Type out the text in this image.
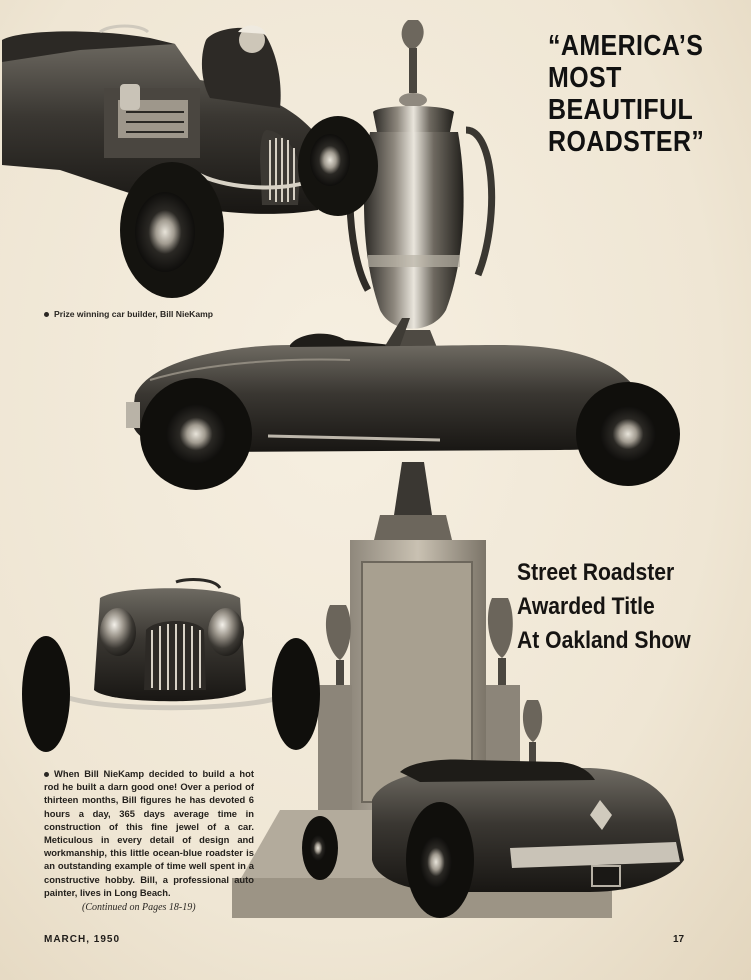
“AMERICA’S
MOST
BEAUTIFUL
ROADSTER”
Street Roadster
Awarded Title
At Oakland Show
Prize winning car builder, Bill NieKamp

When Bill NieKamp decided to build a hot rod he built a darn good one! Over a period of thirteen months, Bill figures he has devoted 6 hours a day, 365 days average time in construction of this fine jewel of a car. Meticulous in every detail of design and workmanship, this little ocean-blue roadster is an outstanding example of time well spent in a constructive hobby. Bill, a professional auto painter, lives in Long Beach.

(Continued on Pages 18-19)
MARCH, 1950	17
